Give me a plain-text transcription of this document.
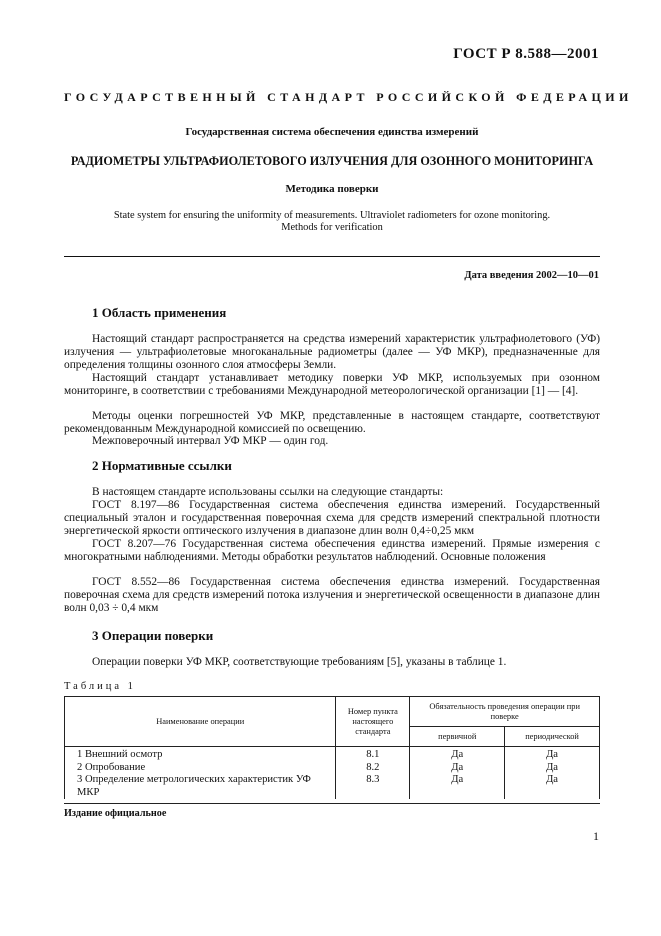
ГОСТ Р 8.588—2001
ГОСУДАРСТВЕННЫЙ СТАНДАРТ РОССИЙСКОЙ ФЕДЕРАЦИИ
Государственная система обеспечения единства измерений
РАДИОМЕТРЫ УЛЬТРАФИОЛЕТОВОГО ИЗЛУЧЕНИЯ ДЛЯ ОЗОННОГО МОНИТОРИНГА
Методика поверки
State system for ensuring the uniformity of measurements. Ultraviolet radiometers for ozone monitoring.
Methods for verification
Дата введения 2002—10—01
1 Область применения
Настоящий стандарт распространяется на средства измерений характеристик ультрафиолетового (УФ) излучения — ультрафиолетовые многоканальные радиометры (далее — УФ МКР), предназначенные для определения толщины озонного слоя атмосферы Земли.
Настоящий стандарт устанавливает методику поверки УФ МКР, используемых при озонном мониторинге, в соответствии с требованиями Международной метеорологической организации [1] — [4].
Методы оценки погрешностей УФ МКР, представленные в настоящем стандарте, соответствуют рекомендованным Международной комиссией по освещению.
Межповерочный интервал УФ МКР — один год.
2 Нормативные ссылки
В настоящем стандарте использованы ссылки на следующие стандарты:
ГОСТ 8.197—86 Государственная система обеспечения единства измерений. Государственный специальный эталон и государственная поверочная схема для средств измерений спектральной плотности энергетической яркости оптического излучения в диапазоне длин волн 0,4÷0,25 мкм
ГОСТ 8.207—76 Государственная система обеспечения единства измерений. Прямые измерения с многократными наблюдениями. Методы обработки результатов наблюдений. Основные положения
ГОСТ 8.552—86 Государственная система обеспечения единства измерений. Государственная поверочная схема для средств измерений потока излучения и энергетической освещенности в диапазоне длин волн 0,03 ÷ 0,4 мкм
3 Операции поверки
Операции поверки УФ МКР, соответствующие требованиям [5], указаны в таблице 1.
Таблица 1
Наименование операции	Номер пункта настоящего стандарта	Обязательность проведения операции при поверке	
		первичной	периодической
1 Внешний осмотр	8.1	Да	Да
2 Опробование	8.2	Да	Да
3 Определение метрологических характеристик УФ МКР	8.3	Да	Да
Издание официальное
1
